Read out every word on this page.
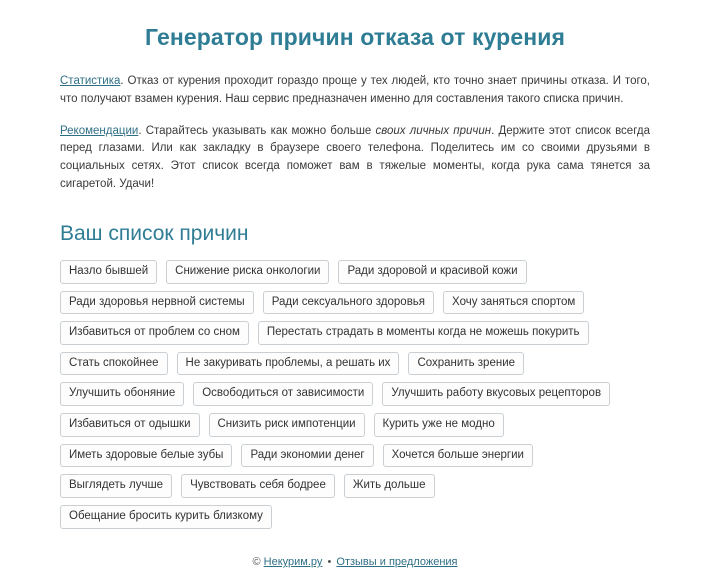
Генератор причин отказа от курения

Статистика. Отказ от курения проходит гораздо проще у тех людей, кто точно знает причины отказа. И того, что получают взамен курения. Наш сервис предназначен именно для составления такого списка причин.

Рекомендации. Старайтесь указывать как можно больше своих личных причин. Держите этот список всегда перед глазами. Или как закладку в браузере своего телефона. Поделитесь им со своими друзьями в социальных сетях. Этот список всегда поможет вам в тяжелые моменты, когда рука сама тянется за сигаретой. Удачи!

Ваш список причин
Назло бывшей	Снижение риска онкологии	Ради здоровой и красивой кожи
Ради здоровья нервной системы	Ради сексуального здоровья	Хочу заняться спортом
Избавиться от проблем со сном	Перестать страдать в моменты когда не можешь покурить
Стать спокойнее	Не закуривать проблемы, а решать их	Сохранить зрение
Улучшить обоняние	Освободиться от зависимости	Улучшить работу вкусовых рецепторов
Избавиться от одышки	Снизить риск импотенции	Курить уже не модно
Иметь здоровые белые зубы	Ради экономии денег	Хочется больше энергии
Выглядеть лучше	Чувствовать себя бодрее	Жить дольше
Обещание бросить курить близкому
© Некурим.ру • Отзывы и предложения
